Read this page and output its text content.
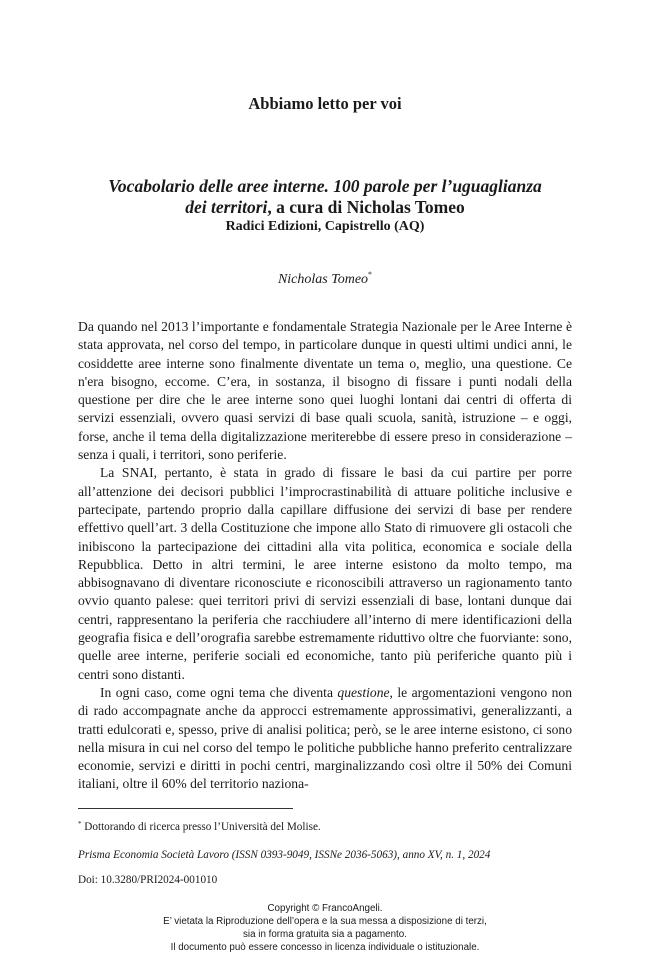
Abbiamo letto per voi
Vocabolario delle aree interne. 100 parole per l’uguaglianza
dei territori, a cura di Nicholas Tomeo
Radici Edizioni, Capistrello (AQ)
Nicholas Tomeo*

Da quando nel 2013 l’importante e fondamentale Strategia Nazionale per le Aree Interne è stata approvata, nel corso del tempo, in particolare dunque in questi ultimi undici anni, le cosiddette aree interne sono finalmente diventate un tema o, meglio, una questione. Ce n'era bisogno, eccome. C’era, in sostanza, il bisogno di fissare i punti nodali della questione per dire che le aree interne sono quei luoghi lontani dai centri di offerta di servizi essenziali, ovvero quasi servizi di base quali scuola, sanità, istruzione – e oggi, forse, anche il tema della digitalizzazione meriterebbe di essere preso in considerazione – senza i quali, i territori, sono periferie.

La SNAI, pertanto, è stata in grado di fissare le basi da cui partire per porre all’attenzione dei decisori pubblici l’improcrastinabilità di attuare politiche inclusive e partecipate, partendo proprio dalla capillare diffusione dei servizi di base per rendere effettivo quell’art. 3 della Costituzione che impone allo Stato di rimuovere gli ostacoli che inibiscono la partecipazione dei cittadini alla vita politica, economica e sociale della Repubblica. Detto in altri termini, le aree interne esistono da molto tempo, ma abbisognavano di diventare riconosciute e riconoscibili attraverso un ragionamento tanto ovvio quanto palese: quei territori privi di servizi essenziali di base, lontani dunque dai centri, rappresentano la periferia che racchiudere all’interno di mere identificazioni della geografia fisica e dell’orografia sarebbe estremamente riduttivo oltre che fuorviante: sono, quelle aree interne, periferie sociali ed economiche, tanto più periferiche quanto più i centri sono distanti.

In ogni caso, come ogni tema che diventa questione, le argomentazioni vengono non di rado accompagnate anche da approcci estremamente approssimativi, generalizzanti, a tratti edulcorati e, spesso, prive di analisi politica; però, se le aree interne esistono, ci sono nella misura in cui nel corso del tempo le politiche pubbliche hanno preferito centralizzare economie, servizi e diritti in pochi centri, marginalizzando così oltre il 50% dei Comuni italiani, oltre il 60% del territorio naziona-

* Dottorando di ricerca presso l’Università del Molise.
Prisma Economia Società Lavoro (ISSN 0393-9049, ISSNe 2036-5063), anno XV, n. 1, 2024
Doi: 10.3280/PRI2024-001010
Copyright © FrancoAngeli.
E’ vietata la Riproduzione dell’opera e la sua messa a disposizione di terzi,
sia in forma gratuita sia a pagamento.
Il documento può essere concesso in licenza individuale o istituzionale.
